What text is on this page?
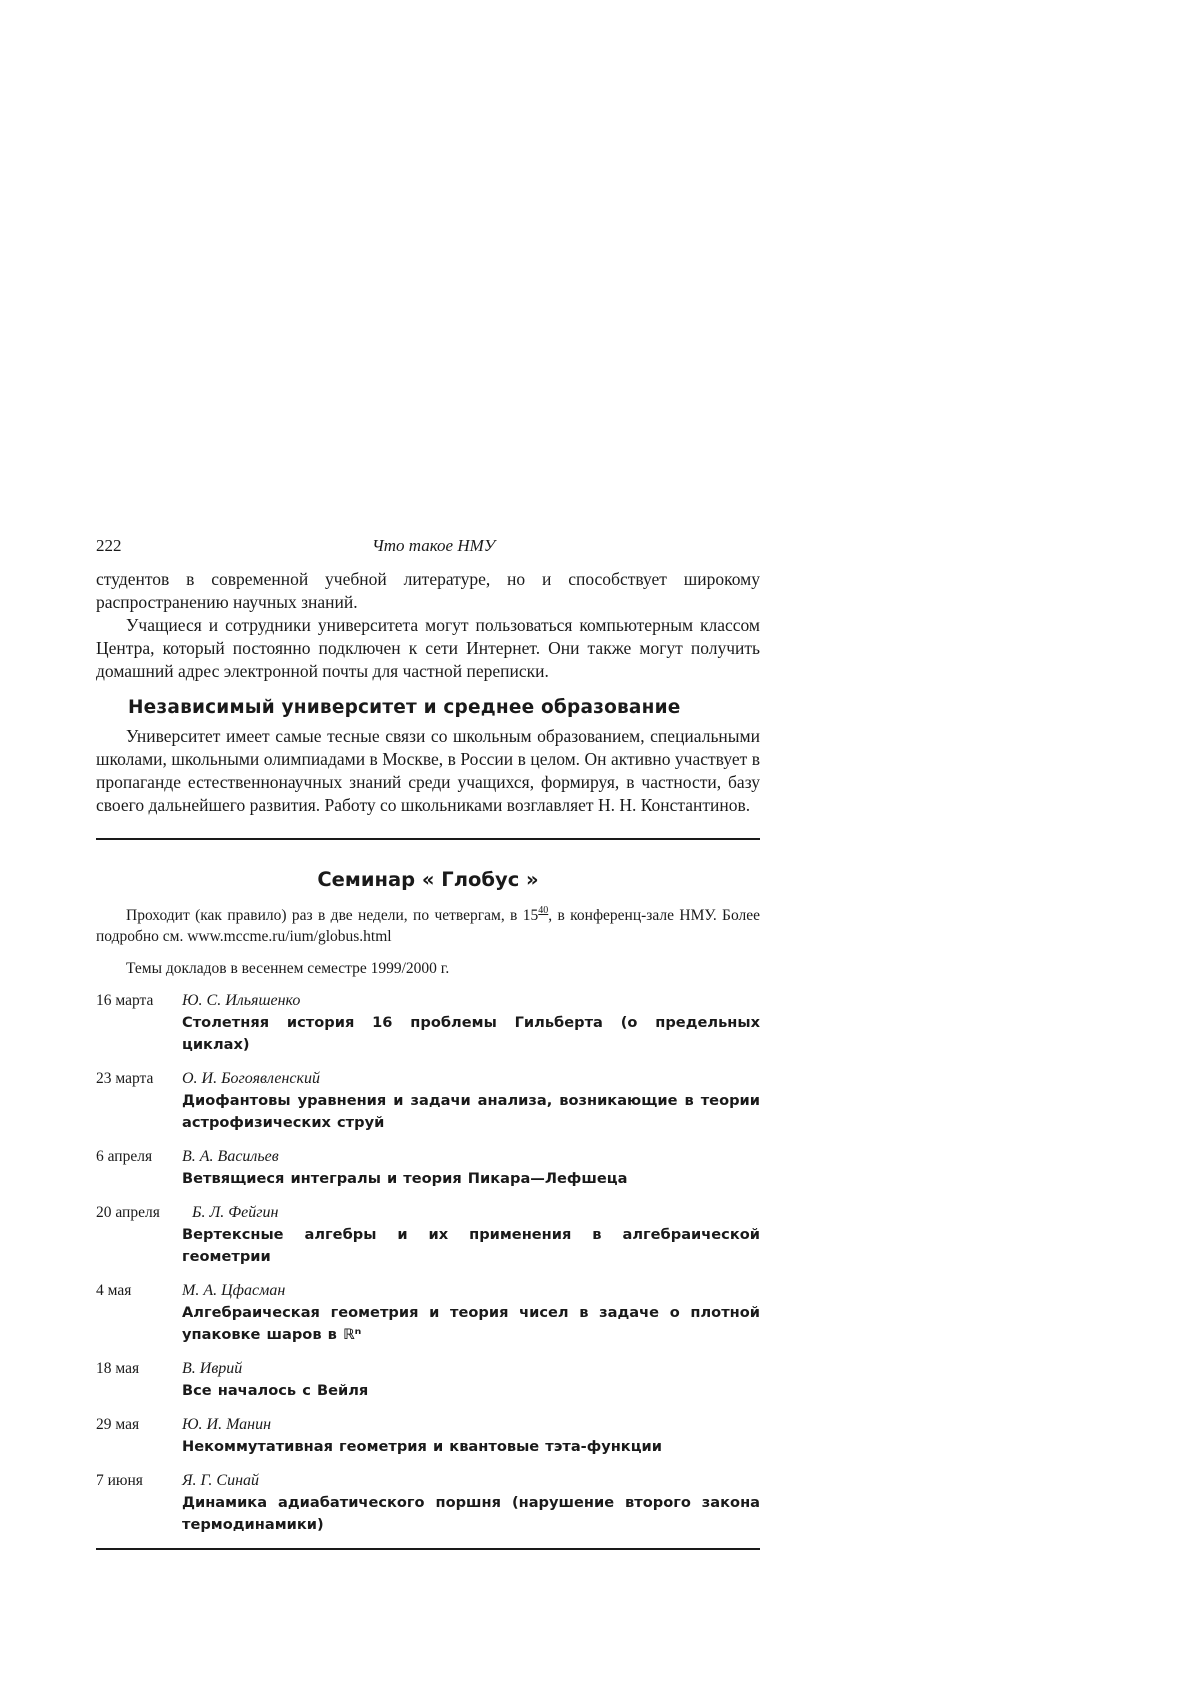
222	Что такое НМУ

студентов в современной учебной литературе, но и способствует широкому распространению научных знаний.

Учащиеся и сотрудники университета могут пользоваться компьютерным классом Центра, который постоянно подключен к сети Интернет. Они также могут получить домашний адрес электронной почты для частной переписки.

Независимый университет и среднее образование

Университет имеет самые тесные связи со школьным образованием, специальными школами, школьными олимпиадами в Москве, в России в целом. Он активно участвует в пропаганде естественнонаучных знаний среди учащихся, формируя, в частности, базу своего дальнейшего развития. Работу со школьниками возглавляет Н. Н. Константинов.

Семинар « Глобус »

Проходит (как правило) раз в две недели, по четвергам, в $15^{40}$, в конференц-зале НМУ. Более подробно см. www.mccme.ru/ium/globus.html

Темы докладов в весеннем семестре 1999/2000 г.

16 марта Ю. С. Ильяшенко
Столетняя история 16 проблемы Гильберта (о предельных циклах)
23 марта О. И. Богоявленский
Диофантовы уравнения и задачи анализа, возникающие в теории астрофизических струй
6 апреля В. А. Васильев
Ветвящиеся интегралы и теория Пикара—Лефшеца
20 апреля Б. Л. Фейгин
Вертексные алгебры и их применения в алгебраической геометрии
4 мая	М. А. Цфасман
Алгебраическая геометрия и теория чисел в задаче о плотной упаковке шаров в ℝⁿ
18 мая	В. Иврий
Все началось с Вейля
29 мая	Ю. И. Манин
Некоммутативная геометрия и квантовые тэта-функции
7 июня Я. Г. Синай
Динамика адиабатического поршня (нарушение второго закона термодинамики)
